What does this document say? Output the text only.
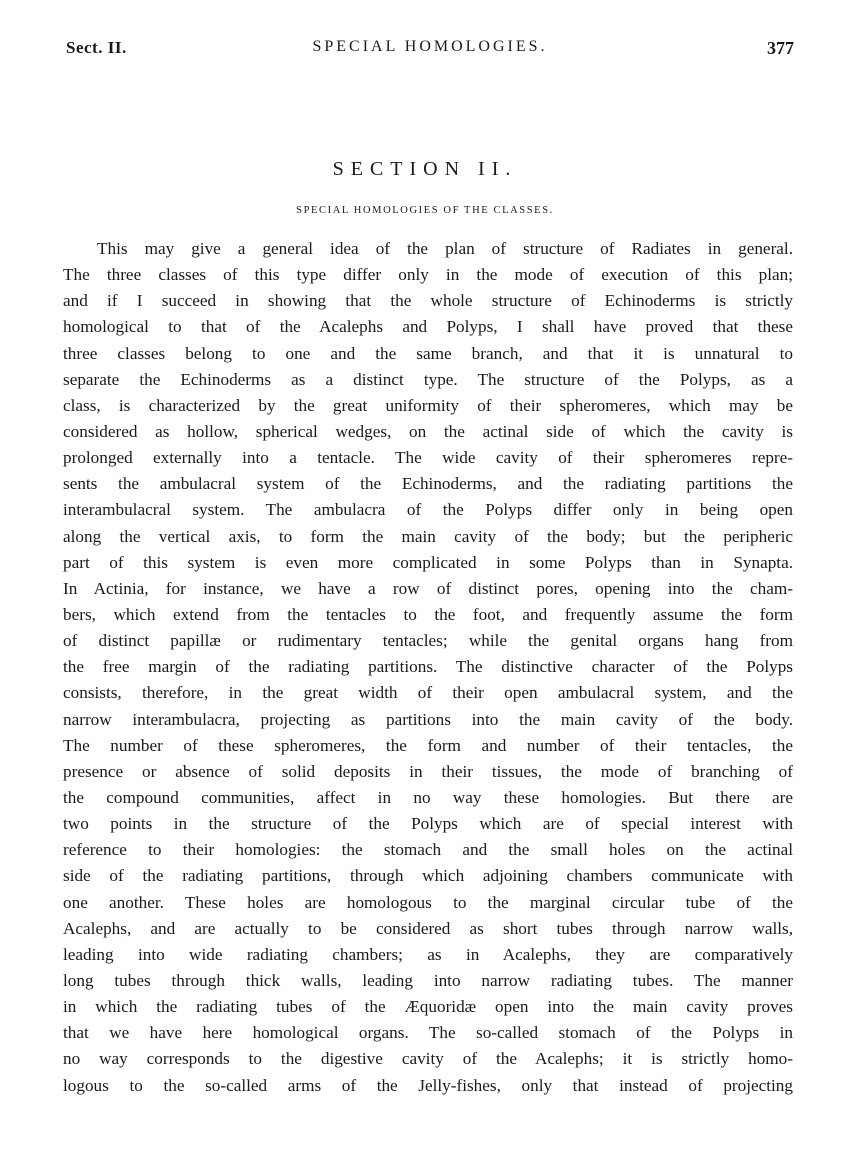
Sect. II.	SPECIAL HOMOLOGIES.	377
SECTION II.
SPECIAL HOMOLOGIES OF THE CLASSES.
This may give a general idea of the plan of structure of Radiates in general.
The three classes of this type differ only in the mode of execution of this plan;
and if I succeed in showing that the whole structure of Echinoderms is strictly
homological to that of the Acalephs and Polyps, I shall have proved that these
three classes belong to one and the same branch, and that it is unnatural to
separate the Echinoderms as a distinct type. The structure of the Polyps, as a
class, is characterized by the great uniformity of their spheromeres, which may be
considered as hollow, spherical wedges, on the actinal side of which the cavity is
prolonged externally into a tentacle. The wide cavity of their spheromeres repre-
sents the ambulacral system of the Echinoderms, and the radiating partitions the
interambulacral system. The ambulacra of the Polyps differ only in being open
along the vertical axis, to form the main cavity of the body; but the peripheric
part of this system is even more complicated in some Polyps than in Synapta.
In Actinia, for instance, we have a row of distinct pores, opening into the cham-
bers, which extend from the tentacles to the foot, and frequently assume the form
of distinct papillæ or rudimentary tentacles; while the genital organs hang from
the free margin of the radiating partitions. The distinctive character of the Polyps
consists, therefore, in the great width of their open ambulacral system, and the
narrow interambulacra, projecting as partitions into the main cavity of the body.
The number of these spheromeres, the form and number of their tentacles, the
presence or absence of solid deposits in their tissues, the mode of branching of
the compound communities, affect in no way these homologies. But there are
two points in the structure of the Polyps which are of special interest with
reference to their homologies: the stomach and the small holes on the actinal
side of the radiating partitions, through which adjoining chambers communicate with
one another. These holes are homologous to the marginal circular tube of the
Acalephs, and are actually to be considered as short tubes through narrow walls,
leading into wide radiating chambers; as in Acalephs, they are comparatively
long tubes through thick walls, leading into narrow radiating tubes. The manner
in which the radiating tubes of the Æquoridæ open into the main cavity proves
that we have here homological organs. The so-called stomach of the Polyps in
no way corresponds to the digestive cavity of the Acalephs; it is strictly homo-
logous to the so-called arms of the Jelly-fishes, only that instead of projecting
